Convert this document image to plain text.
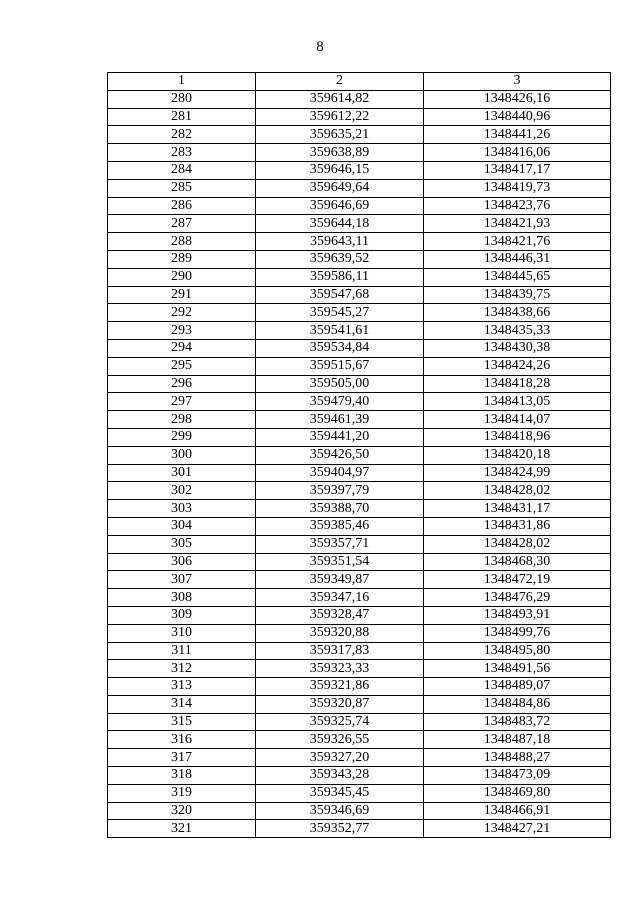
8
1	2	3
280	359614,82	1348426,16
281	359612,22	1348440,96
282	359635,21	1348441,26
283	359638,89	1348416,06
284	359646,15	1348417,17
285	359649,64	1348419,73
286	359646,69	1348423,76
287	359644,18	1348421,93
288	359643,11	1348421,76
289	359639,52	1348446,31
290	359586,11	1348445,65
291	359547,68	1348439,75
292	359545,27	1348438,66
293	359541,61	1348435,33
294	359534,84	1348430,38
295	359515,67	1348424,26
296	359505,00	1348418,28
297	359479,40	1348413,05
298	359461,39	1348414,07
299	359441,20	1348418,96
300	359426,50	1348420,18
301	359404,97	1348424,99
302	359397,79	1348428,02
303	359388,70	1348431,17
304	359385,46	1348431,86
305	359357,71	1348428,02
306	359351,54	1348468,30
307	359349,87	1348472,19
308	359347,16	1348476,29
309	359328,47	1348493,91
310	359320,88	1348499,76
311	359317,83	1348495,80
312	359323,33	1348491,56
313	359321,86	1348489,07
314	359320,87	1348484,86
315	359325,74	1348483,72
316	359326,55	1348487,18
317	359327,20	1348488,27
318	359343,28	1348473,09
319	359345,45	1348469,80
320	359346,69	1348466,91
321	359352,77	1348427,21
